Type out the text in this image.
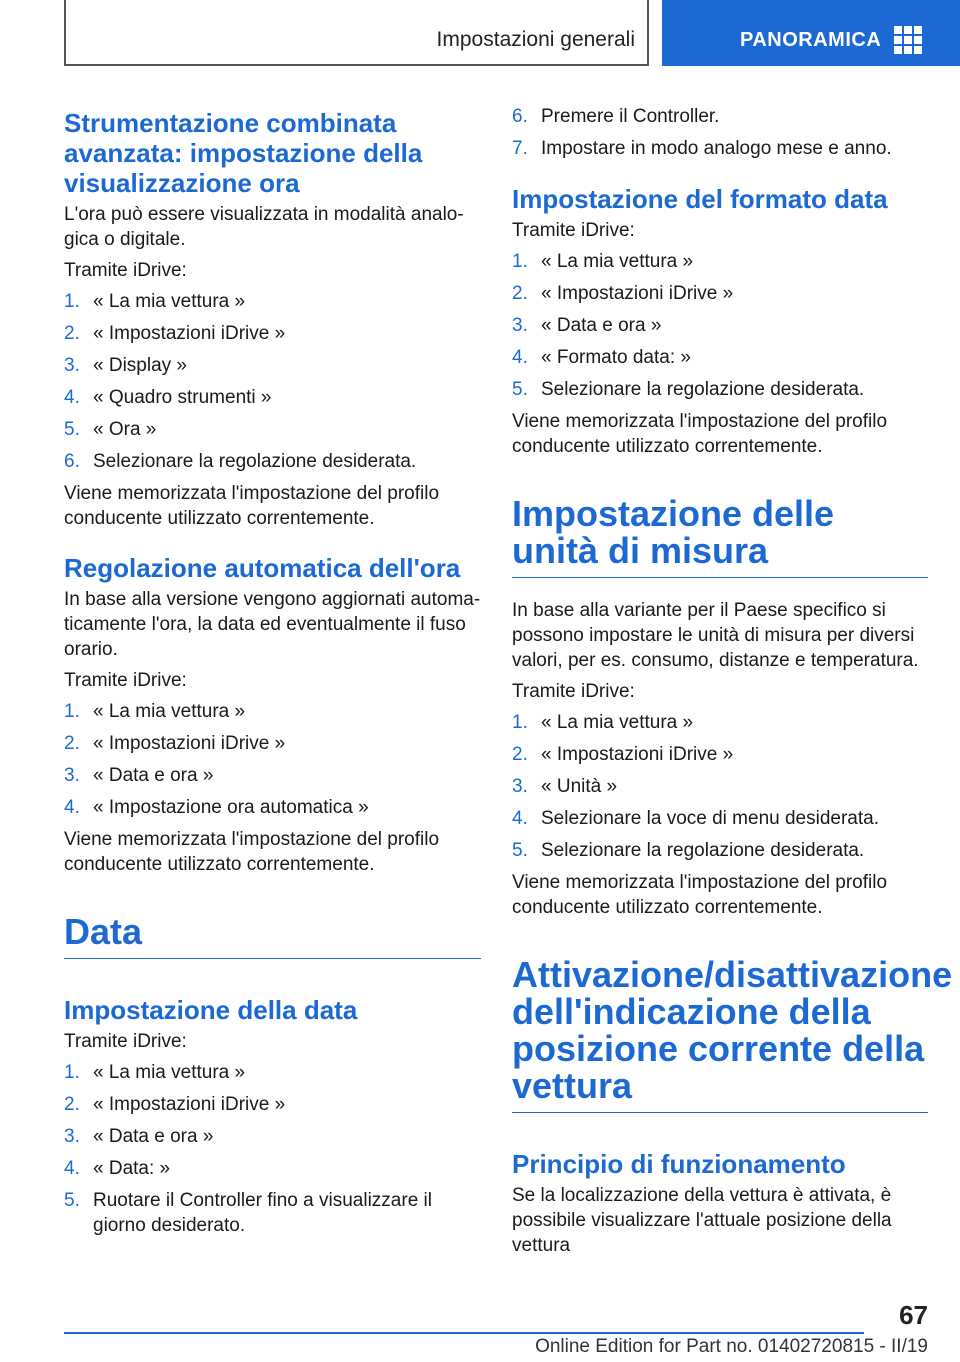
Impostazioni generali	PANORAMICA
Strumentazione combinata avanzata: impostazione della visualizzazione ora

L'ora può essere visualizzata in modalità analogica o digitale.

Tramite iDrive:

1. « La mia vettura »
2. « Impostazioni iDrive »
3. « Display »
4. « Quadro strumenti »
5. « Ora »
6. Selezionare la regolazione desiderata.

Viene memorizzata l'impostazione del profilo conducente utilizzato correntemente.

Regolazione automatica dell'ora

In base alla versione vengono aggiornati automaticamente l'ora, la data ed eventualmente il fuso orario.

Tramite iDrive:

1. « La mia vettura »
2. « Impostazioni iDrive »
3. « Data e ora »
4. « Impostazione ora automatica »

Viene memorizzata l'impostazione del profilo conducente utilizzato correntemente.

Data
Impostazione della data

Tramite iDrive:

1. « La mia vettura »
2. « Impostazioni iDrive »
3. « Data e ora »
4. « Data: »
5. Ruotare il Controller fino a visualizzare il giorno desiderato.
6. Premere il Controller.
7. Impostare in modo analogo mese e anno.
Impostazione del formato data

Tramite iDrive:

1. « La mia vettura »
2. « Impostazioni iDrive »
3. « Data e ora »
4. « Formato data: »
5. Selezionare la regolazione desiderata.

Viene memorizzata l'impostazione del profilo conducente utilizzato correntemente.

Impostazione delle unità di misura

In base alla variante per il Paese specifico si possono impostare le unità di misura per diversi valori, per es. consumo, distanze e temperatura.

Tramite iDrive:

1. « La mia vettura »
2. « Impostazioni iDrive »
3. « Unità »
4. Selezionare la voce di menu desiderata.
5. Selezionare la regolazione desiderata.

Viene memorizzata l'impostazione del profilo conducente utilizzato correntemente.

Attivazione/disattivazione dell'indicazione della posizione corrente della vettura
Principio di funzionamento

Se la localizzazione della vettura è attivata, è possibile visualizzare l'attuale posizione della vettura

67
Online Edition for Part no. 01402720815 - II/19
